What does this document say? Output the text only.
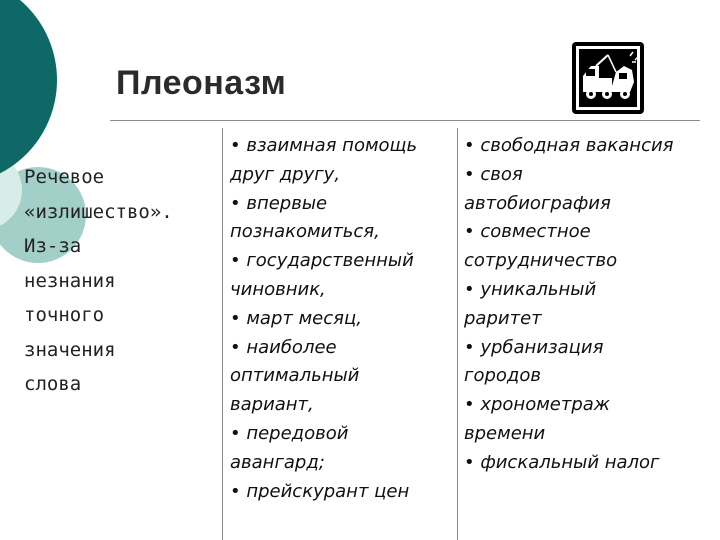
Плеоназм
Речевое
«излишество».
Из-за
незнания
точного
значения
слова
• взаимная помощь
друг другу,
• впервые
познакомиться,
• государственный
чиновник,
• март месяц,
• наиболее
оптимальный
вариант,
• передовой
авангард;
• прейскурант цен
• свободная вакансия
• своя
автобиография
• совместное
сотрудничество
• уникальный
раритет
• урбанизация
городов
• хронометраж
времени
• фискальный налог
